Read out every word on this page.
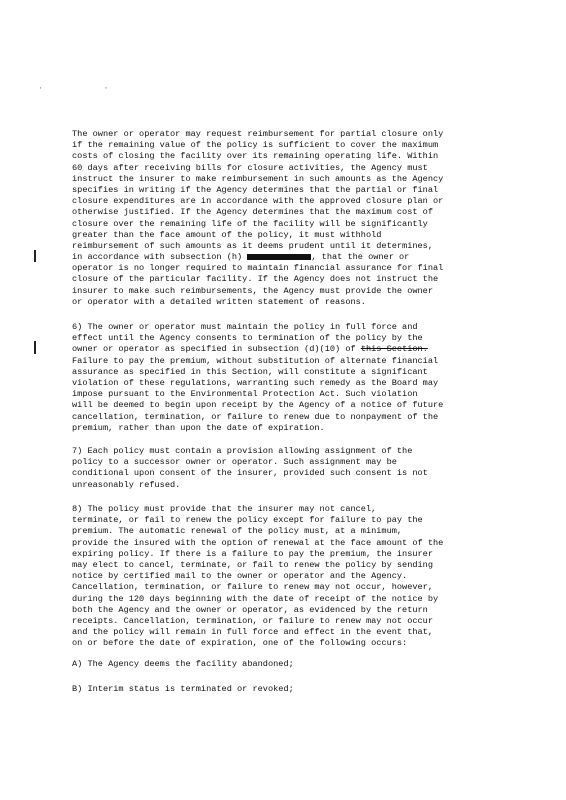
· ·
The owner or operator may request reimbursement for partial closure only
if the remaining value of the policy is sufficient to cover the maximum
costs of closing the facility over its remaining operating life. Within
60 days after receiving bills for closure activities, the Agency must
instruct the insurer to make reimbursement in such amounts as the Agency
specifies in writing if the Agency determines that the partial or final
closure expenditures are in accordance with the approved closure plan or
otherwise justified. If the Agency determines that the maximum cost of
closure over the remaining life of the facility will be significantly
greater than the face amount of the policy, it must withhold
reimbursement of such amounts as it deems prudent until it determines,
in accordance with subsection (h)	, that the owner or
operator is no longer required to maintain financial assurance for final
closure of the particular facility. If the Agency does not instruct the
insurer to make such reimbursements, the Agency must provide the owner
or operator with a detailed written statement of reasons.
6) The owner or operator must maintain the policy in full force and
effect until the Agency consents to termination of the policy by the
owner or operator as specified in subsection (d)(10) of this Section.
Failure to pay the premium, without substitution of alternate financial
assurance as specified in this Section, will constitute a significant
violation of these regulations, warranting such remedy as the Board may
impose pursuant to the Environmental Protection Act. Such violation
will be deemed to begin upon receipt by the Agency of a notice of future
cancellation, termination, or failure to renew due to nonpayment of the
premium, rather than upon the date of expiration.
7) Each policy must contain a provision allowing assignment of the
policy to a successor owner or operator. Such assignment may be
conditional upon consent of the insurer, provided such consent is not
unreasonably refused.
8) The policy must provide that the insurer may not cancel,
terminate, or fail to renew the policy except for failure to pay the
premium. The automatic renewal of the policy must, at a minimum,
provide the insured with the option of renewal at the face amount of the
expiring policy. If there is a failure to pay the premium, the insurer
may elect to cancel, terminate, or fail to renew the policy by sending
notice by certified mail to the owner or operator and the Agency.
Cancellation, termination, or failure to renew may not occur, however,
during the 120 days beginning with the date of receipt of the notice by
both the Agency and the owner or operator, as evidenced by the return
receipts. Cancellation, termination, or failure to renew may not occur
and the policy will remain in full force and effect in the event that,
on or before the date of expiration, one of the following occurs:
A) The Agency deems the facility abandoned;
B) Interim status is terminated or revoked;
